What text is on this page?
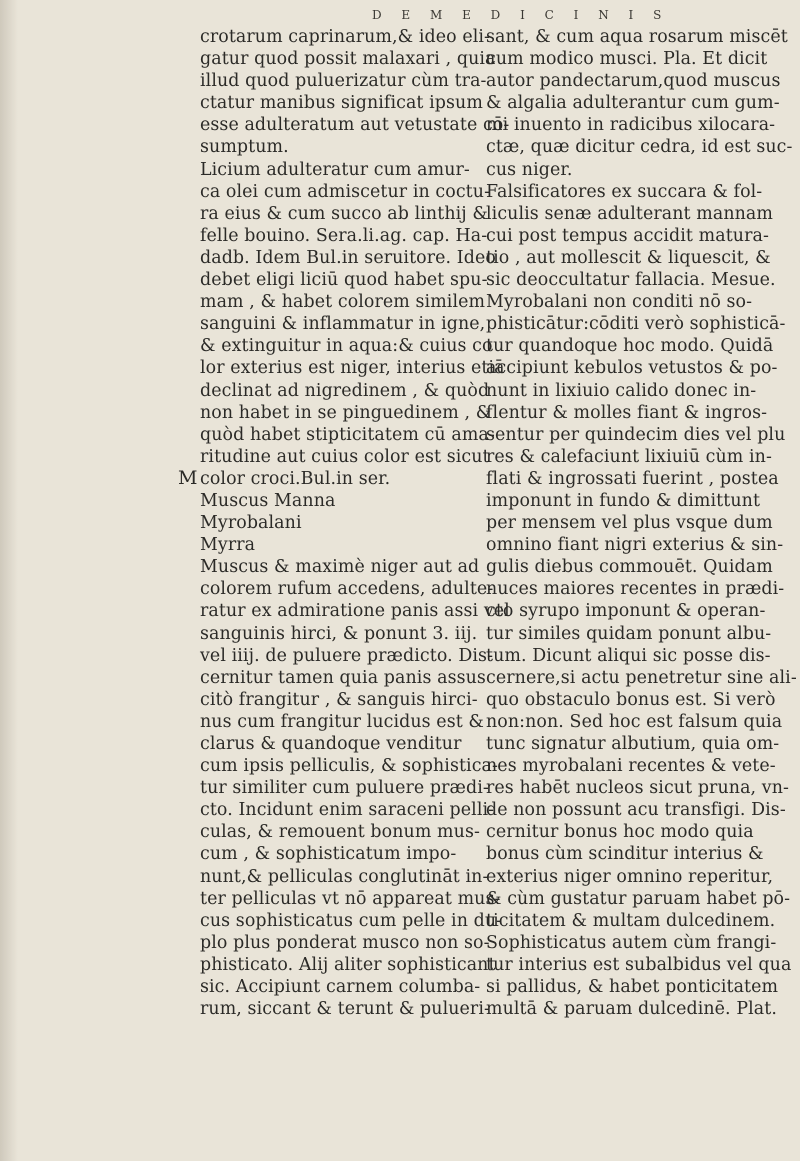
D E M E D I C I N I S
M
crotarum caprinarum,& ideo eli-
gatur quod possit malaxari , quia
illud quod puluerizatur cùm tra-
ctatur manibus significat ipsum
esse adulteratum aut vetustate cō-
sumptum.
Licium adulteratur cum amur-
ca olei cum admiscetur in coctu-
ra eius & cum succo ab linthij &
felle bouino. Sera.li.ag. cap. Ha-
dadb. Idem Bul.in seruitore. Ideo
debet eligi liciū quod habet spu-
mam , & habet colorem similem
sanguini & inflammatur in igne,
& extinguitur in aqua:& cuius co
lor exterius est niger, interius etiā
declinat ad nigredinem , & quòd
non habet in se pinguedinem , &
quòd habet stipticitatem cū ama-
ritudine aut cuius color est sicut
color croci.Bul.in ser.
Muscus Manna
Myrobalani
Myrra
Muscus & maximè niger aut ad
colorem rufum accedens, adulte-
ratur ex admiratione panis assi vel
sanguinis hirci, & ponunt 3. iij.
vel iiij. de puluere prædicto. Dis-
cernitur tamen quia panis assus
citò frangitur , & sanguis hirci-
nus cum frangitur lucidus est &
clarus & quandoque venditur
cum ipsis pelliculis, & sophistica-
tur similiter cum puluere prædi-
cto. Incidunt enim saraceni pelli-
culas, & remouent bonum mus-
cum , & sophisticatum impo-
nunt,& pelliculas conglutināt in-
ter pelliculas vt nō appareat mus-
cus sophisticatus cum pelle in du-
plo plus ponderat musco non so-
phisticato. Alij aliter sophisticant
sic. Accipiunt carnem columba-
rum, siccant & terunt & pulueri-
sant, & cum aqua rosarum miscēt
cum modico musci. Pla. Et dicit
autor pandectarum,quod muscus
& algalia adulterantur cum gum-
mi inuento in radicibus xilocara-
ctæ, quæ dicitur cedra, id est suc-
cus niger.
Falsificatores ex succara & fol-
liculis senæ adulterant mannam
cui post tempus accidit matura-
tio , aut mollescit & liquescit, &
sic deoccultatur fallacia. Mesue.
Myrobalani non conditi nō so-
phisticātur:cōditi verò sophisticā-
tur quandoque hoc modo. Quidā
accipiunt kebulos vetustos & po-
nunt in lixiuio calido donec in-
flentur & molles fiant & ingros-
sentur per quindecim dies vel plu
res & calefaciunt lixiuiū cùm in-
flati & ingrossati fuerint , postea
imponunt in fundo & dimittunt
per mensem vel plus vsque dum
omnino fiant nigri exterius & sin-
gulis diebus commouēt. Quidam
nuces maiores recentes in prædi-
cto syrupo imponunt & operan-
tur similes quidam ponunt albu-
tum. Dicunt aliqui sic posse dis-
cernere,si actu penetretur sine ali-
quo obstaculo bonus est. Si verò
non:non. Sed hoc est falsum quia
tunc signatur albutium, quia om-
nes myrobalani recentes & vete-
res habēt nucleos sicut pruna, vn-
de non possunt acu transfigi. Dis-
cernitur bonus hoc modo quia
bonus cùm scinditur interius &
exterius niger omnino reperitur,
& cùm gustatur paruam habet pō-
ticitatem & multam dulcedinem.
Sophisticatus autem cùm frangi-
tur interius est subalbidus vel qua
si pallidus, & habet ponticitatem
multā & paruam dulcedinē. Plat.
